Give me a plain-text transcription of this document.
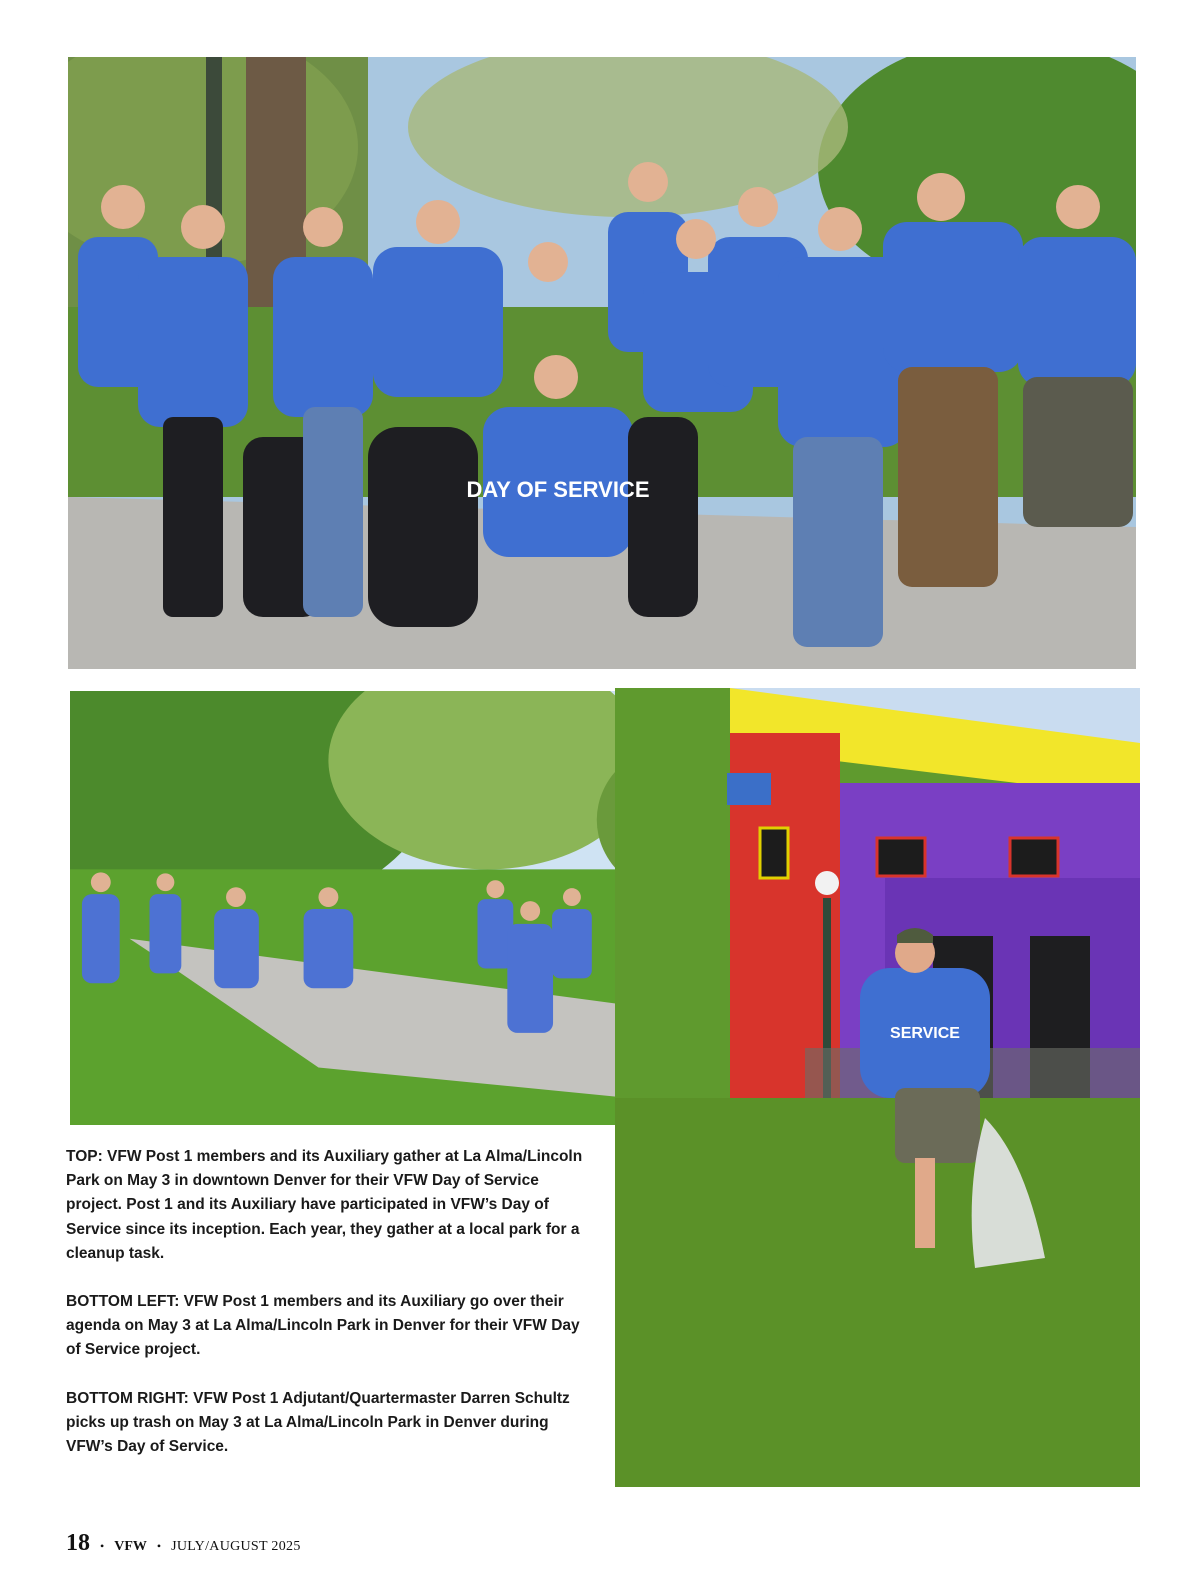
DAY OF SERVICE
SERVICE

TOP: VFW Post 1 members and its Auxiliary gather at La Alma/Lincoln Park on May 3 in downtown Denver for their VFW Day of Service project. Post 1 and its Auxiliary have participated in VFW’s Day of Service since its inception. Each year, they gather at a local park for a cleanup task.

BOTTOM LEFT: VFW Post 1 members and its Auxiliary go over their agenda on May 3 at La Alma/Lincoln Park in Denver for their VFW Day of Service project.

BOTTOM RIGHT: VFW Post 1 Adjutant/Quartermaster Darren Schultz picks up trash on May 3 at La Alma/Lincoln Park in Denver during VFW’s Day of Service.

18 • VFW • JULY/AUGUST 2025
